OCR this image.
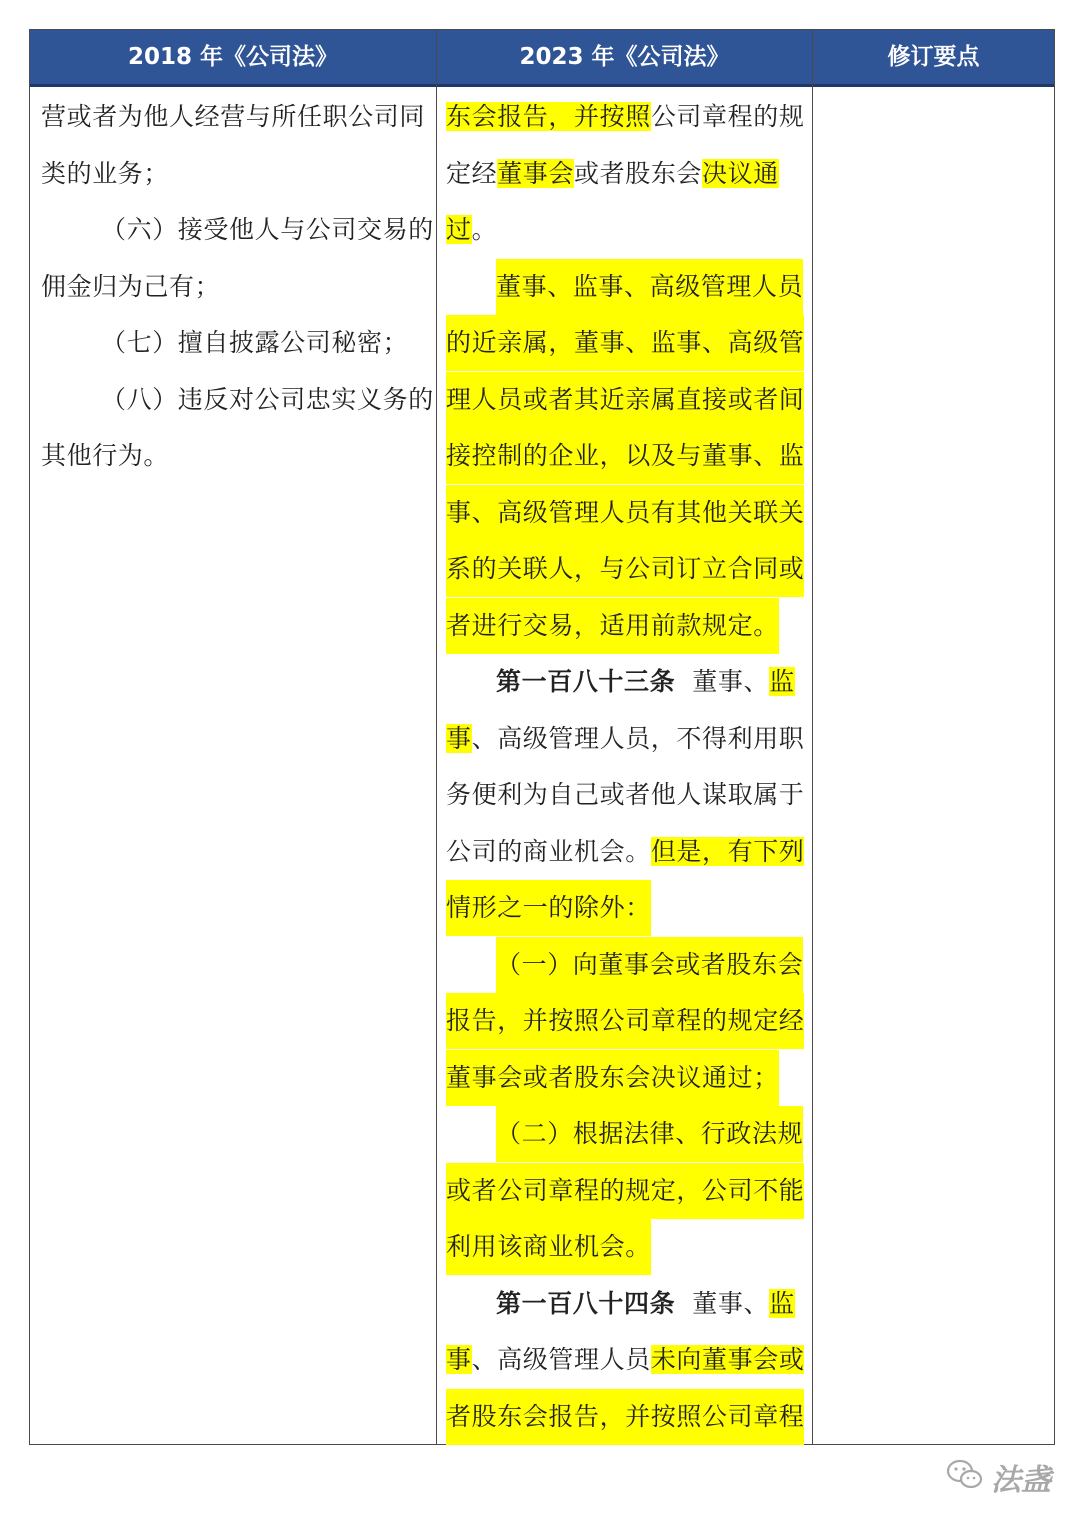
2018 年《公司法》	2023 年《公司法》	修订要点
营或者为他人经营与所任职公司同
类的业务；
（六）接受他人与公司交易的
佣金归为己有；
（七）擅自披露公司秘密；
（八）违反对公司忠实义务的
其他行为。
东会报告，并按照公司章程的规
定经董事会或者股东会决议通
过。
董事、监事、高级管理人员
的近亲属，董事、监事、高级管
理人员或者其近亲属直接或者间
接控制的企业，以及与董事、监
事、高级管理人员有其他关联关
系的关联人，与公司订立合同或
者进行交易，适用前款规定。
第一百八十三条  董事、监
事、高级管理人员，不得利用职
务便利为自己或者他人谋取属于
公司的商业机会。但是，有下列
情形之一的除外：
（一）向董事会或者股东会
报告，并按照公司章程的规定经
董事会或者股东会决议通过；
（二）根据法律、行政法规
或者公司章程的规定，公司不能
利用该商业机会。
第一百八十四条  董事、监
事、高级管理人员未向董事会或
者股东会报告，并按照公司章程
法盏
